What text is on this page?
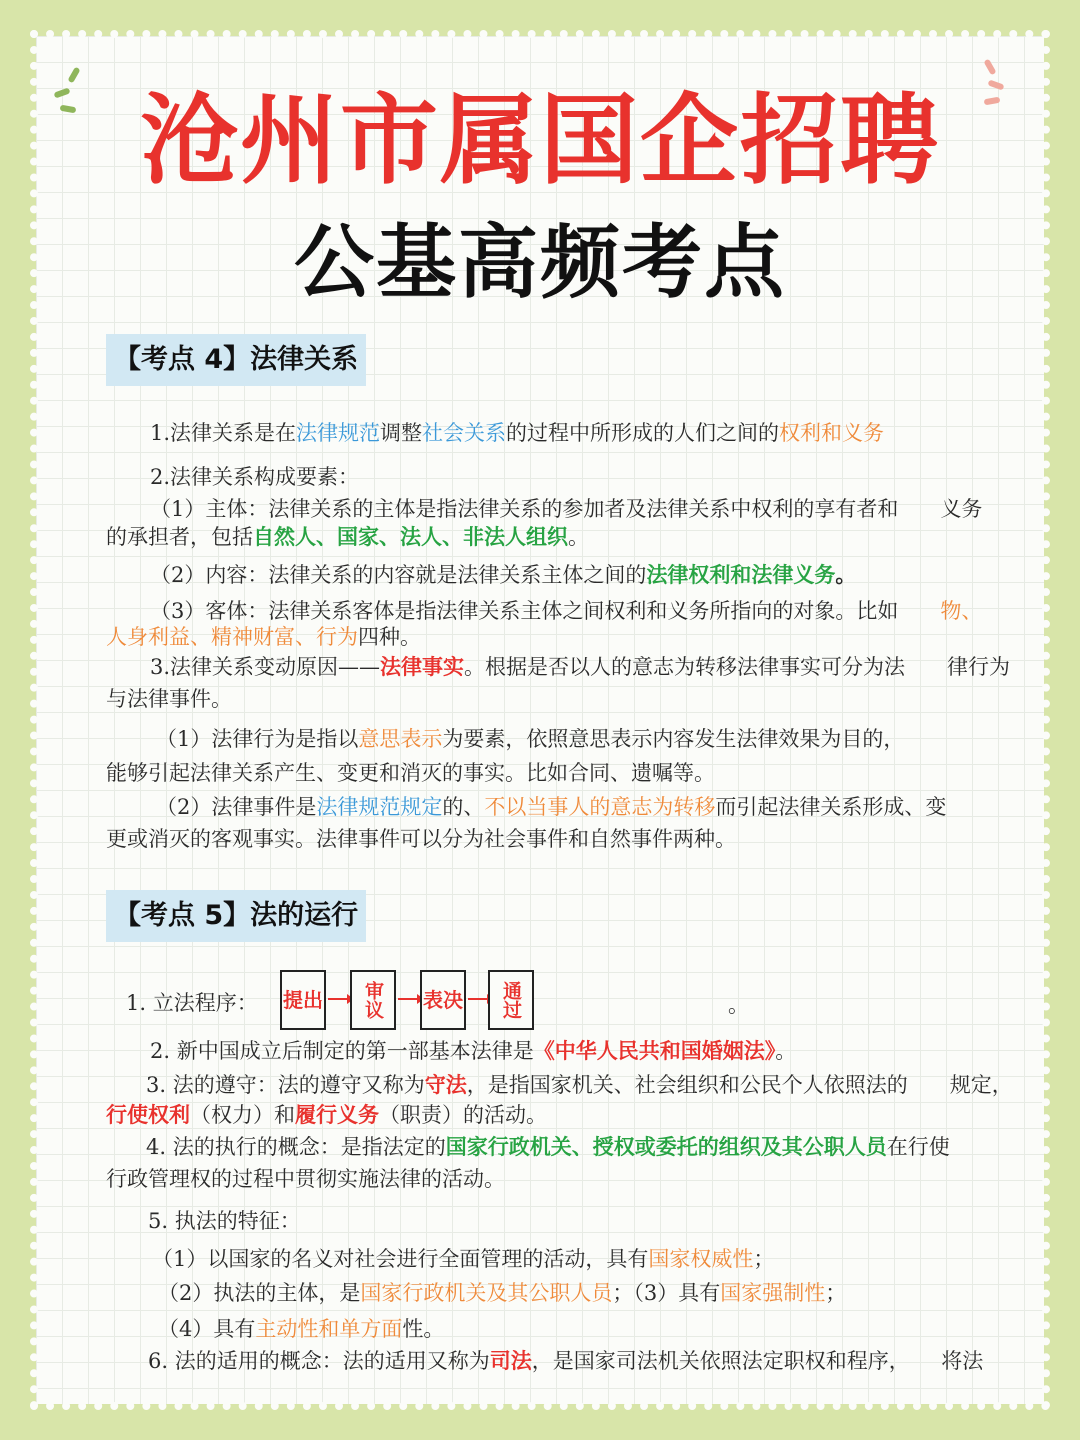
沧州市属国企招聘
公基高频考点
【考点 4】法律关系
1.法律关系是在法律规范调整社会关系的过程中所形成的人们之间的权利和义务
2.法律关系构成要素：
（1）主体：法律关系的主体是指法律关系的参加者及法律关系中权利的享有者和　　义务
的承担者，包括自然人、国家、法人、非法人组织。
（2）内容：法律关系的内容就是法律关系主体之间的法律权利和法律义务。
（3）客体：法律关系客体是指法律关系主体之间权利和义务所指向的对象。比如　　物、
人身利益、精神财富、行为四种。
3.法律关系变动原因——法律事实。根据是否以人的意志为转移法律事实可分为法　　律行为
与法律事件。
（1）法律行为是指以意思表示为要素，依照意思表示内容发生法律效果为目的，
能够引起法律关系产生、变更和消灭的事实。比如合同、遗嘱等。
（2）法律事件是法律规范规定的、不以当事人的意志为转移而引起法律关系形成、变
更或消灭的客观事实。法律事件可以分为社会事件和自然事件两种。
【考点 5】法的运行
1. 立法程序： 提出	审议	表决	通过	。
2. 新中国成立后制定的第一部基本法律是《中华人民共和国婚姻法》。
3. 法的遵守：法的遵守又称为守法，是指国家机关、社会组织和公民个人依照法的　　规定，
行使权利（权力）和履行义务（职责）的活动。
4. 法的执行的概念：是指法定的国家行政机关、授权或委托的组织及其公职人员在行使
行政管理权的过程中贯彻实施法律的活动。
5. 执法的特征：
（1）以国家的名义对社会进行全面管理的活动，具有国家权威性；
（2）执法的主体，是国家行政机关及其公职人员；（3）具有国家强制性；
（4）具有主动性和单方面性。
6. 法的适用的概念：法的适用又称为司法，是国家司法机关依照法定职权和程序，　　将法
